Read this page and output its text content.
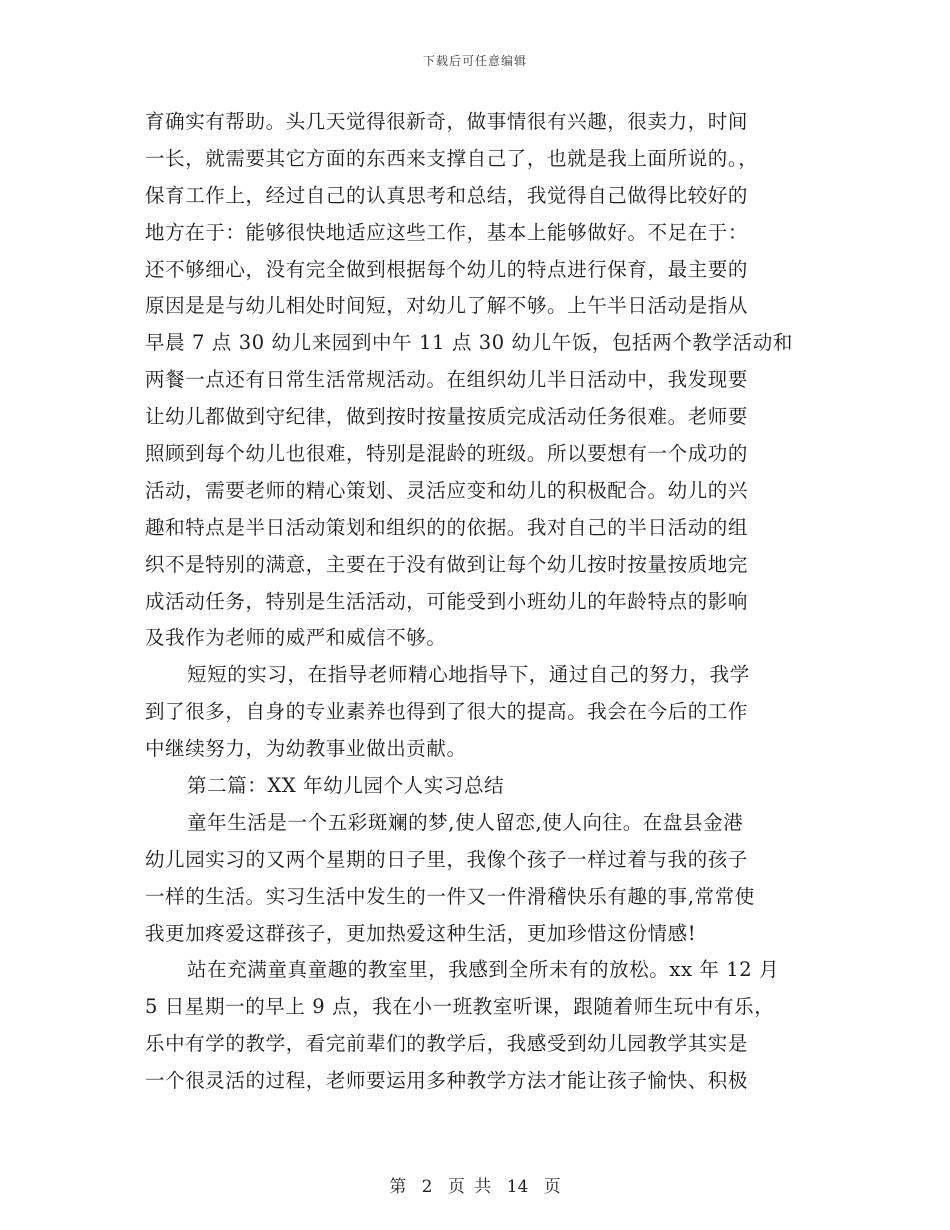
下载后可任意编辑
育确实有帮助。头几天觉得很新奇，做事情很有兴趣，很卖力，时间
一长，就需要其它方面的东西来支撑自己了，也就是我上面所说的。，
保育工作上，经过自己的认真思考和总结，我觉得自己做得比较好的
地方在于：能够很快地适应这些工作，基本上能够做好。不足在于：
还不够细心，没有完全做到根据每个幼儿的特点进行保育，最主要的
原因是是与幼儿相处时间短，对幼儿了解不够。上午半日活动是指从
早晨 7 点 30 幼儿来园到中午 11 点 30 幼儿午饭，包括两个教学活动和
两餐一点还有日常生活常规活动。在组织幼儿半日活动中，我发现要
让幼儿都做到守纪律，做到按时按量按质完成活动任务很难。老师要
照顾到每个幼儿也很难，特别是混龄的班级。所以要想有一个成功的
活动，需要老师的精心策划、灵活应变和幼儿的积极配合。幼儿的兴
趣和特点是半日活动策划和组织的的依据。我对自己的半日活动的组
织不是特别的满意，主要在于没有做到让每个幼儿按时按量按质地完
成活动任务，特别是生活活动，可能受到小班幼儿的年龄特点的影响
及我作为老师的威严和威信不够。
短短的实习，在指导老师精心地指导下，通过自己的努力，我学
到了很多，自身的专业素养也得到了很大的提高。我会在今后的工作
中继续努力，为幼教事业做出贡献。
第二篇：XX 年幼儿园个人实习总结
童年生活是一个五彩斑斓的梦,使人留恋,使人向往。在盘县金港
幼儿园实习的又两个星期的日子里，我像个孩子一样过着与我的孩子
一样的生活。实习生活中发生的一件又一件滑稽快乐有趣的事,常常使
我更加疼爱这群孩子，更加热爱这种生活，更加珍惜这份情感!
站在充满童真童趣的教室里，我感到全所未有的放松。xx 年 12 月
5 日星期一的早上 9 点，我在小一班教室听课，跟随着师生玩中有乐，
乐中有学的教学，看完前辈们的教学后，我感受到幼儿园教学其实是
一个很灵活的过程，老师要运用多种教学方法才能让孩子愉快、积极
第 2 页 共 14 页
